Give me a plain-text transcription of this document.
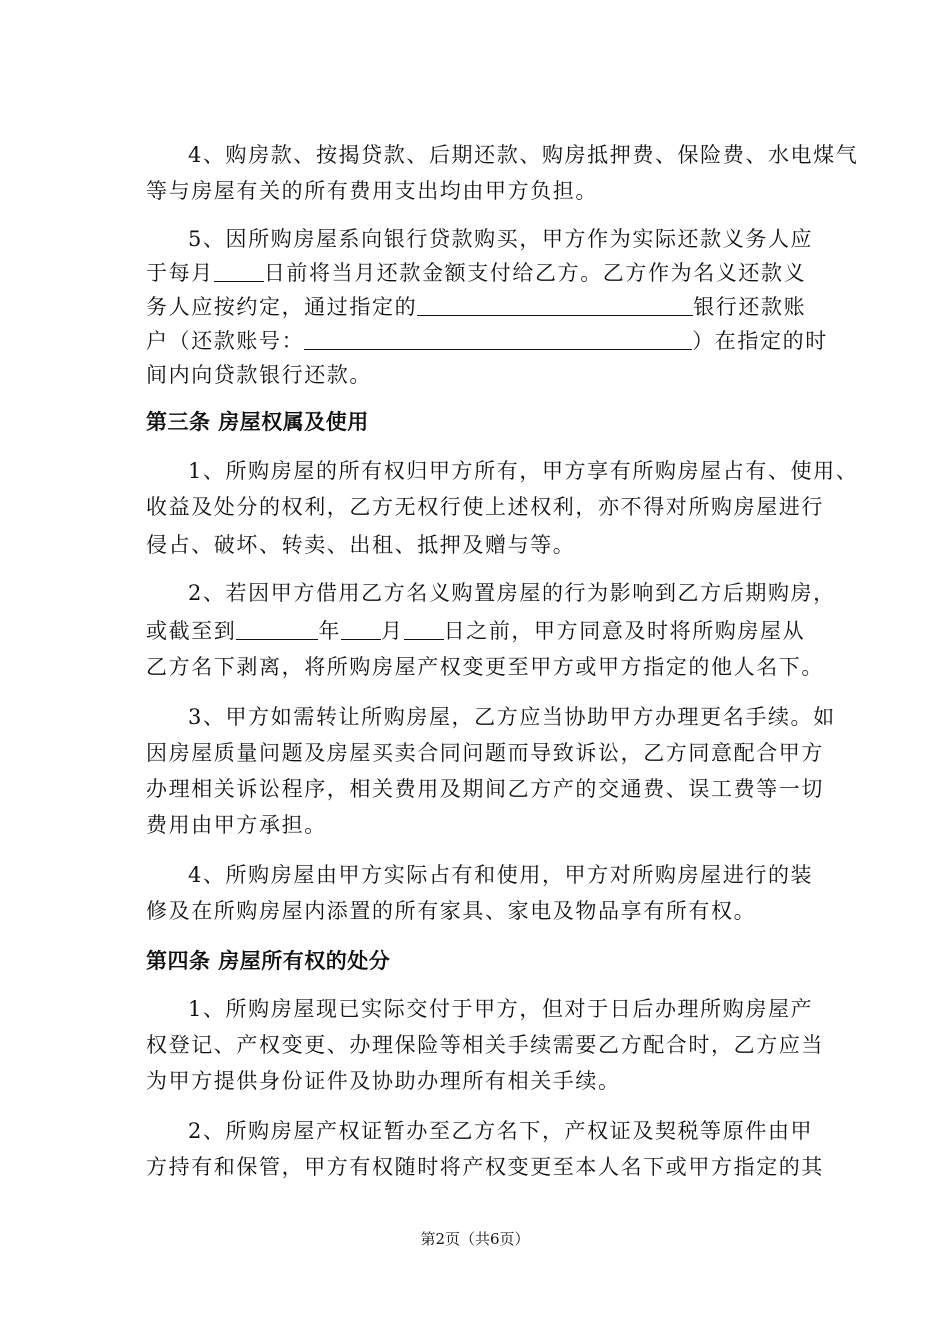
4、购房款、按揭贷款、后期还款、购房抵押费、保险费、水电煤气
等与房屋有关的所有费用支出均由甲方负担。
5、因所购房屋系向银行贷款购买，甲方作为实际还款义务人应
于每月 日前将当月还款金额支付给乙方。乙方作为名义还款义
务人应按约定，通过指定的	银行还款账
户（还款账号：	）在指定的时
间内向贷款银行还款。
第三条 房屋权属及使用
1、所购房屋的所有权归甲方所有，甲方享有所购房屋占有、使用、
收益及处分的权利，乙方无权行使上述权利，亦不得对所购房屋进行
侵占、破坏、转卖、出租、抵押及赠与等。
2、若因甲方借用乙方名义购置房屋的行为影响到乙方后期购房，
或截至到	年 月 日之前，甲方同意及时将所购房屋从
乙方名下剥离，将所购房屋产权变更至甲方或甲方指定的他人名下。
3、甲方如需转让所购房屋，乙方应当协助甲方办理更名手续。如
因房屋质量问题及房屋买卖合同问题而导致诉讼，乙方同意配合甲方
办理相关诉讼程序，相关费用及期间乙方产的交通费、误工费等一切
费用由甲方承担。
4、所购房屋由甲方实际占有和使用，甲方对所购房屋进行的装
修及在所购房屋内添置的所有家具、家电及物品享有所有权。
第四条 房屋所有权的处分
1、所购房屋现已实际交付于甲方，但对于日后办理所购房屋产
权登记、产权变更、办理保险等相关手续需要乙方配合时，乙方应当
为甲方提供身份证件及协助办理所有相关手续。
2、所购房屋产权证暂办至乙方名下，产权证及契税等原件由甲
方持有和保管，甲方有权随时将产权变更至本人名下或甲方指定的其
第2页（共6页）
